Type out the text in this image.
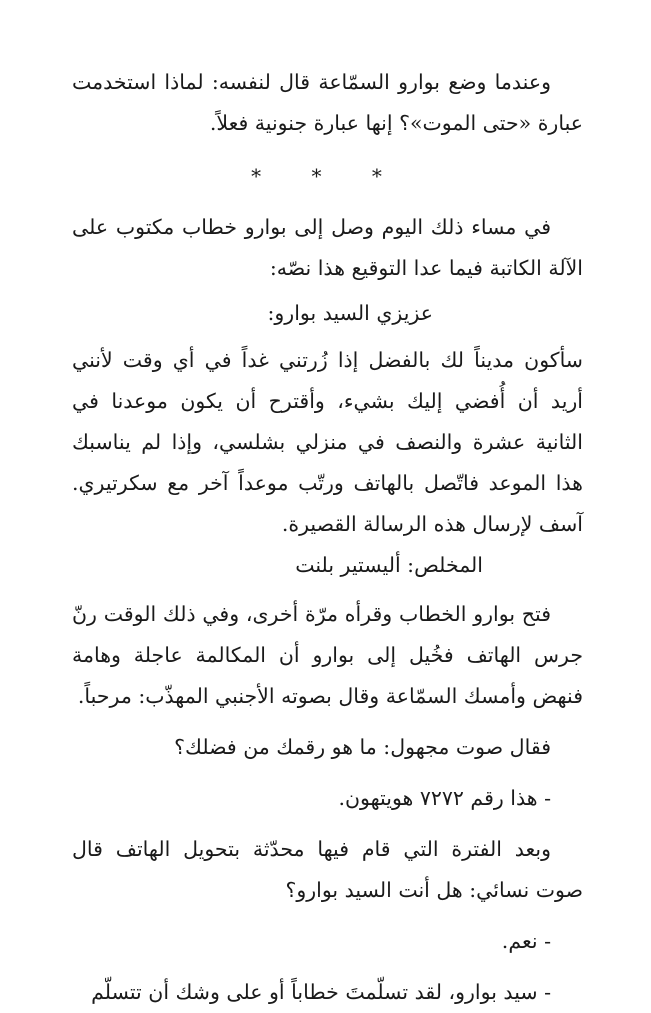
وعندما وضع بوارو السمّاعة قال لنفسه: لماذا استخدمت عبارة «حتى الموت»؟ إنها عبارة جنونية فعلاً.

* * *

في مساء ذلك اليوم وصل إلى بوارو خطاب مكتوب على الآلة الكاتبة فيما عدا التوقيع هذا نصّه:

عزيزي السيد بوارو:

سأكون مديناً لك بالفضل إذا زُرتني غداً في أي وقت لأنني أريد أن أُفضي إليك بشيء، وأقترح أن يكون موعدنا في الثانية عشرة والنصف في منزلي بشلسي، وإذا لم يناسبك هذا الموعد فاتّصل بالهاتف ورتّب موعداً آخر مع سكرتيري. آسف لإرسال هذه الرسالة القصيرة.

المخلص: أليستير بلنت

فتح بوارو الخطاب وقرأه مرّة أخرى، وفي ذلك الوقت رنّ جرس الهاتف فخُيل إلى بوارو أن المكالمة عاجلة وهامة فنهض وأمسك السمّاعة وقال بصوته الأجنبي المهذّب: مرحباً.

فقال صوت مجهول: ما هو رقمك من فضلك؟

- هذا رقم ٧٢٧٢ هويتهون.

وبعد الفترة التي قام فيها محدّثة بتحويل الهاتف قال صوت نسائي: هل أنت السيد بوارو؟

- نعم.

- سيد بوارو، لقد تسلّمتَ خطاباً أو على وشك أن تتسلّم
